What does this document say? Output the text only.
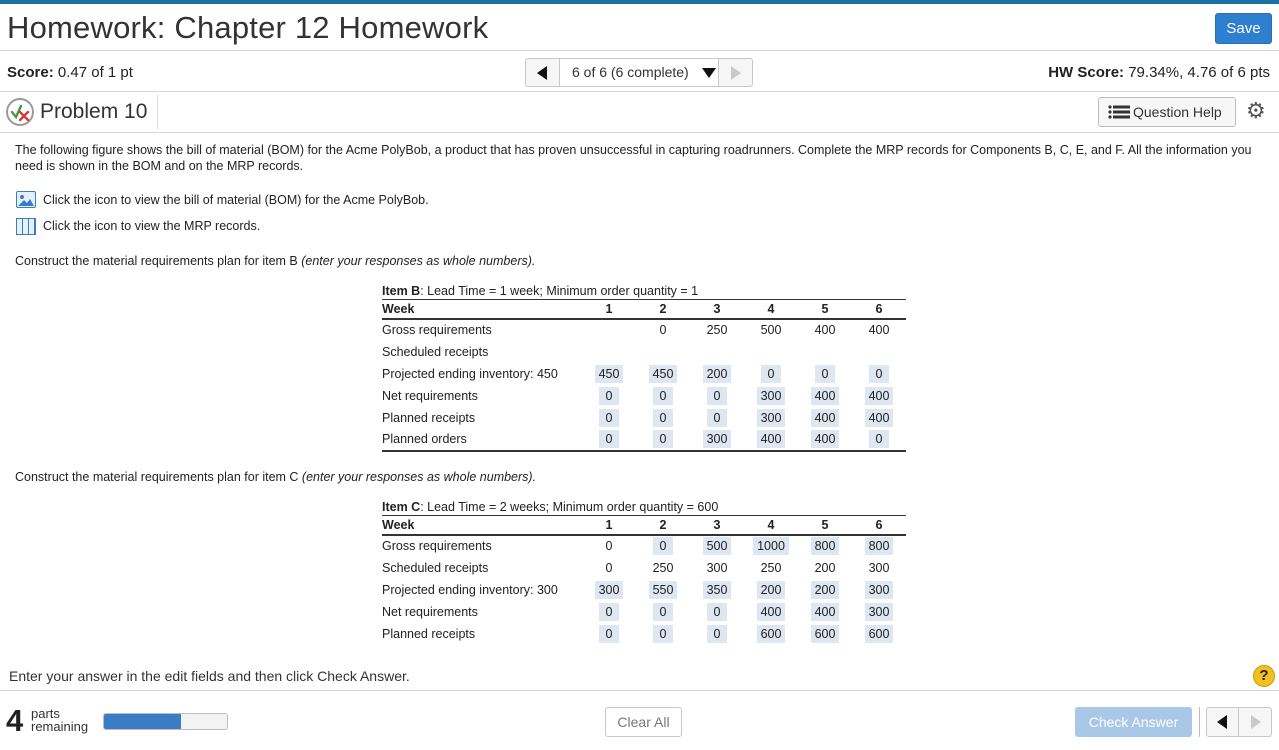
Homework: Chapter 12 Homework	Save
Score: 0.47 of 1 pt	6 of 6 (6 complete)	HW Score: 79.34%, 4.76 of 6 pts
Problem 10	Question Help	⚙
The following figure shows the bill of material (BOM) for the Acme PolyBob, a product that has proven unsuccessful in capturing roadrunners. Complete the MRP records for Components B, C, E, and F. All the information you need is shown in the BOM and on the MRP records.
Click the icon to view the bill of material (BOM) for the Acme PolyBob.
Click the icon to view the MRP records.
Construct the material requirements plan for item B (enter your responses as whole numbers).
Item B: Lead Time = 1 week; Minimum order quantity = 1
Week	1	2	3	4	5	6
Gross requirements		0	250	500	400	400
Scheduled receipts						
Projected ending inventory: 450	450	450	200	0	0	0
Net requirements	0	0	0	300	400	400
Planned receipts	0	0	0	300	400	400
Planned orders	0	0	300	400	400	0
Construct the material requirements plan for item C (enter your responses as whole numbers).
Item C: Lead Time = 2 weeks; Minimum order quantity = 600
Week	1	2	3	4	5	6
Gross requirements	0	0	500	1000	800	800
Scheduled receipts	0	250	300	250	200	300
Projected ending inventory: 300	300	550	350	200	200	300
Net requirements	0	0	0	400	400	300
Planned receipts	0	0	0	600	600	600
Enter your answer in the edit fields and then click Check Answer.	?
4 parts
remaining	Clear All	Check Answer
